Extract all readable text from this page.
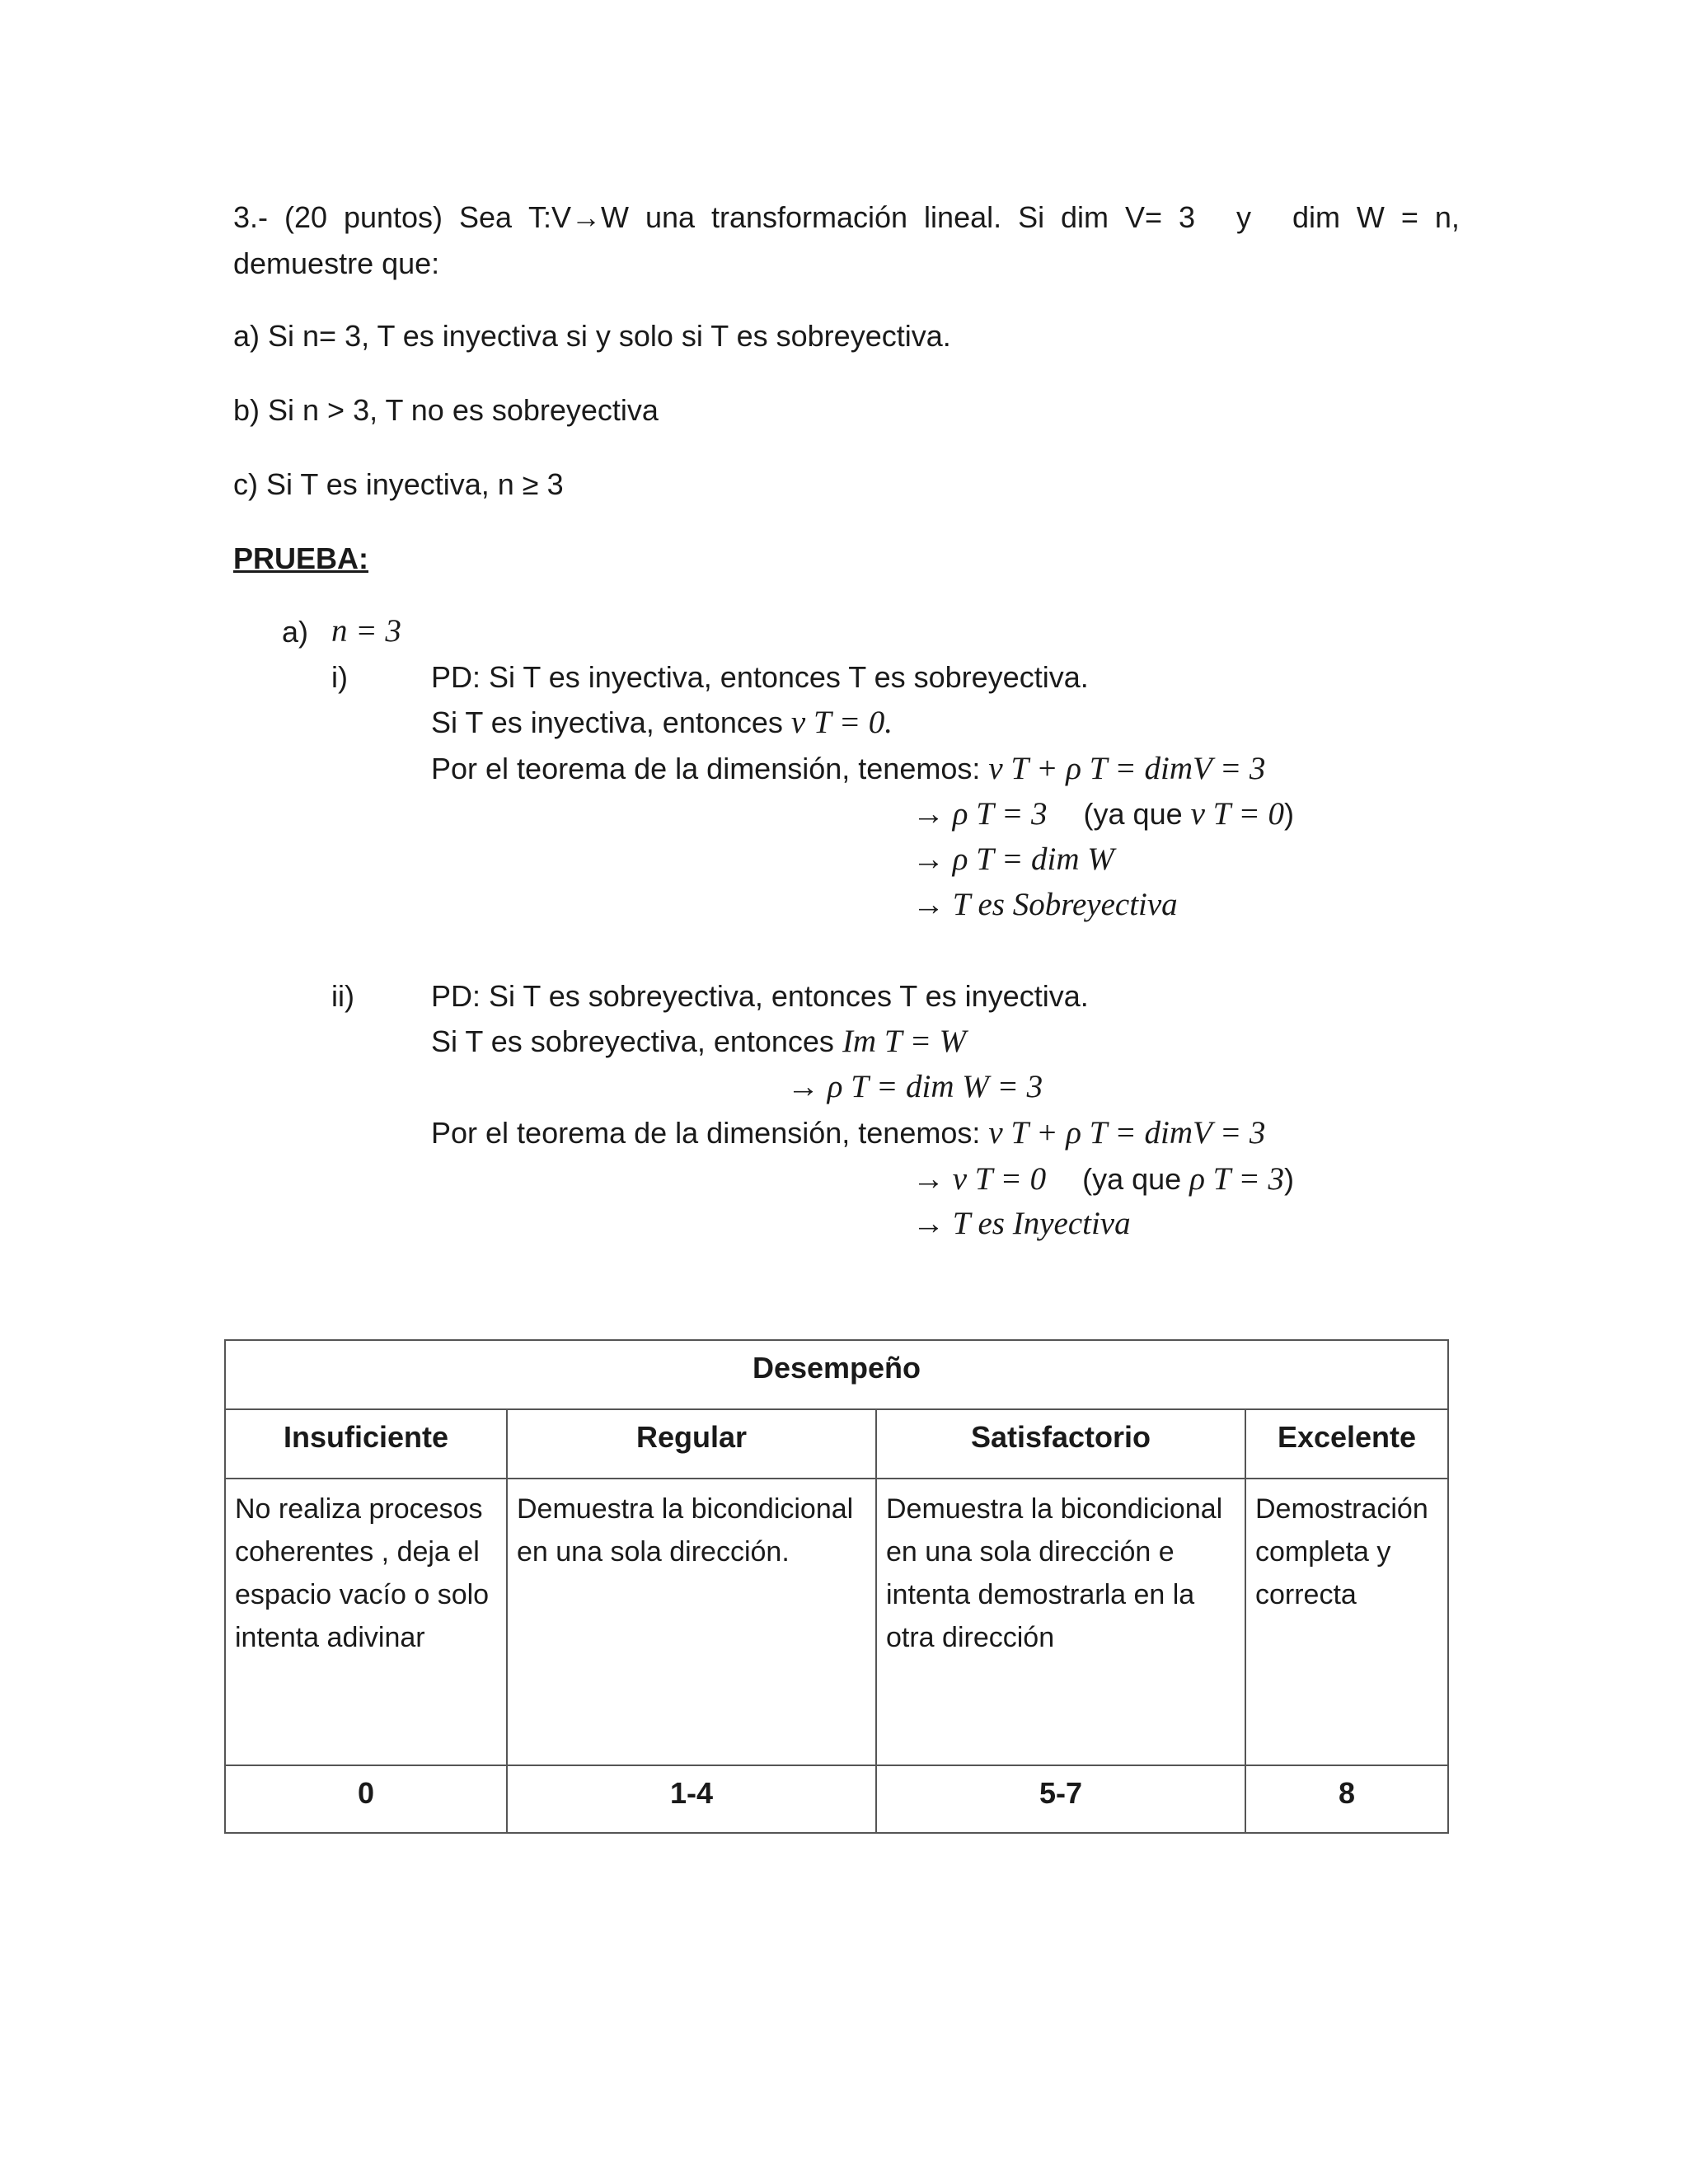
3.- (20 puntos) Sea T:V→W una transformación lineal. Si dim V= 3 y dim W = n,
demuestre que:
a) Si n= 3, T es inyectiva si y solo si T es sobreyectiva.
b) Si n > 3, T no es sobreyectiva
c) Si T es inyectiva, n ≥ 3
PRUEBA:
a) n = 3
i)	PD: Si T es inyectiva, entonces T es sobreyectiva.
Si T es inyectiva, entonces ν T = 0.
Por el teorema de la dimensión, tenemos: ν T + ρ T = dimV = 3
→ ρ T = 3 (ya que ν T = 0)
→ ρ T = dim W
→ T es Sobreyectiva
ii)	PD: Si T es sobreyectiva, entonces T es inyectiva.
Si T es sobreyectiva, entonces Im T = W
→ ρ T = dim W = 3
Por el teorema de la dimensión, tenemos: ν T + ρ T = dimV = 3
→ ν T = 0 (ya que ρ T = 3)
→ T es Inyectiva
Desempeño			
Insuficiente	Regular	Satisfactorio	Excelente
No realiza procesos coherentes , deja el espacio vacío o solo intenta adivinar	Demuestra la bicondicional en una sola dirección.	Demuestra la bicondicional en una sola dirección e intenta demostrarla en la otra dirección	Demostración completa y correcta
0	1-4	5-7	8
